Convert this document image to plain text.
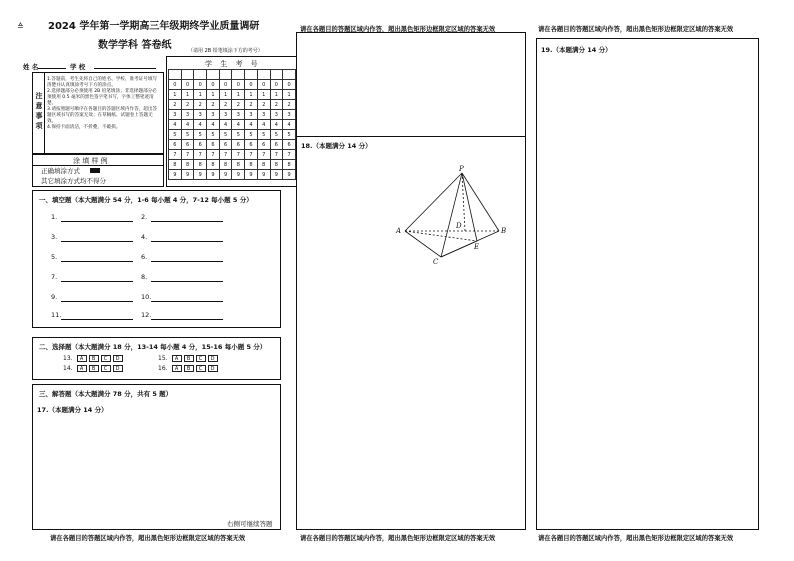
≙ 2024 学年第一学期高三年级期终学业质量调研
数学学科 答卷纸	（请用 2B 铅笔填涂下方的考号）
姓 名	学 校
注意事项
1.答题前，考生先将自己的姓名、学校、准考证号填写清楚并认真填涂考号下方的涂点。
2.选择题部分必须使用 2B 铅笔填涂；非选择题部分必须使用 0.5 毫米的黑色签字笔书写，字体工整笔迹清楚。
3.请按照题号顺序在各题目的答题区域内作答，超出答题区域书写的答案无效；在草稿纸、试题卷上答题无效。
4.保持卡面清洁，不折叠，不破损。
涂 填 样 例
正确填涂方式
其它填涂方式均不得分
学 生 考 号

0	0	0	0	0	0	0	0	0	0
1	1	1	1	1	1	1	1	1	1
2	2	2	2	2	2	2	2	2	2
3	3	3	3	3	3	3	3	3	3
4	4	4	4	4	4	4	4	4	4
5	5	5	5	5	5	5	5	5	5
6	6	6	6	6	6	6	6	6	6
7	7	7	7	7	7	7	7	7	7
8	8	8	8	8	8	8	8	8	8
9	9	9	9	9	9	9	9	9	9
一、填空题（本大题满分 54 分，1-6 每小题 4 分，7-12 每小题 5 分）
1.	2.
3.	4.
5.	6.
7.	8.
9.	10.
11.	12.
二、选择题（本大题满分 18 分，13-14 每小题 4 分，15-16 每小题 5 分）
13. A B C D
14. A B C D
15. A B C D
16. A B C D
三、解答题（本大题满分 78 分，共有 5 题）
17.（本题满分 14 分）
右侧可继续答题
请在各题目的答题区域内作答，超出黑色矩形边框限定区域的答案无效
请在各题目的答题区域内作答，超出黑色矩形边框限定区域的答案无效
18.（本题满分 14 分）
P
A	B
C
D
E
请在各题目的答题区域内作答，超出黑色矩形边框限定区域的答案无效
请在各题目的答题区域内作答，超出黑色矩形边框限定区域的答案无效
19.（本题满分 14 分）
请在各题目的答题区域内作答，超出黑色矩形边框限定区域的答案无效
